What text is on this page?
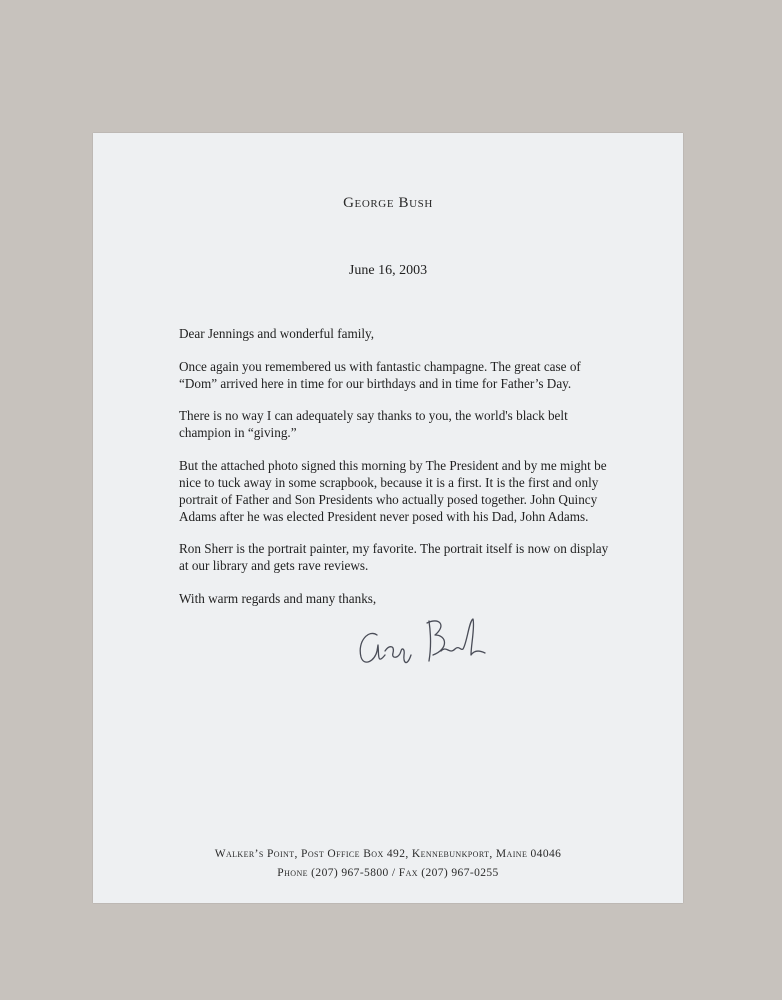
George Bush
June 16, 2003

Dear Jennings and wonderful family,

Once again you remembered us with fantastic champagne. The great case of “Dom” arrived here in time for our birthdays and in time for Father’s Day.

There is no way I can adequately say thanks to you, the world's black belt champion in “giving.”

But the attached photo signed this morning by The President and by me might be nice to tuck away in some scrapbook, because it is a first. It is the first and only portrait of Father and Son Presidents who actually posed together. John Quincy Adams after he was elected President never posed with his Dad, John Adams.

Ron Sherr is the portrait painter, my favorite. The portrait itself is now on display at our library and gets rave reviews.

With warm regards and many thanks,

Walker’s Point, Post Office Box 492, Kennebunkport, Maine 04046
Phone (207) 967-5800 / Fax (207) 967-0255
